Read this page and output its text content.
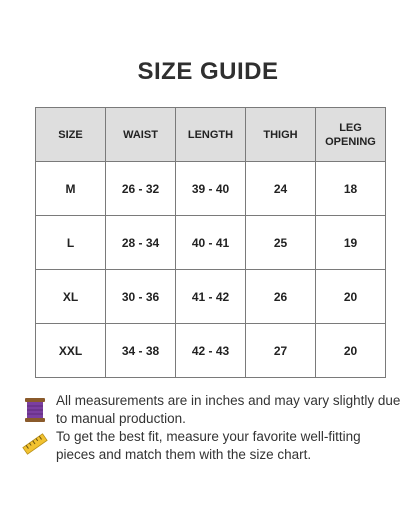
SIZE GUIDE
SIZE	WAIST	LENGTH	THIGH	LEG OPENING
M	26 - 32	39 - 40	24	18
L	28 - 34	40 - 41	25	19
XL	30 - 36	41 - 42	26	20
XXL	34 - 38	42 - 43	27	20
All measurements are in inches and may vary slightly due to manual production.
To get the best fit, measure your favorite well-fitting pieces and match them with the size chart.
